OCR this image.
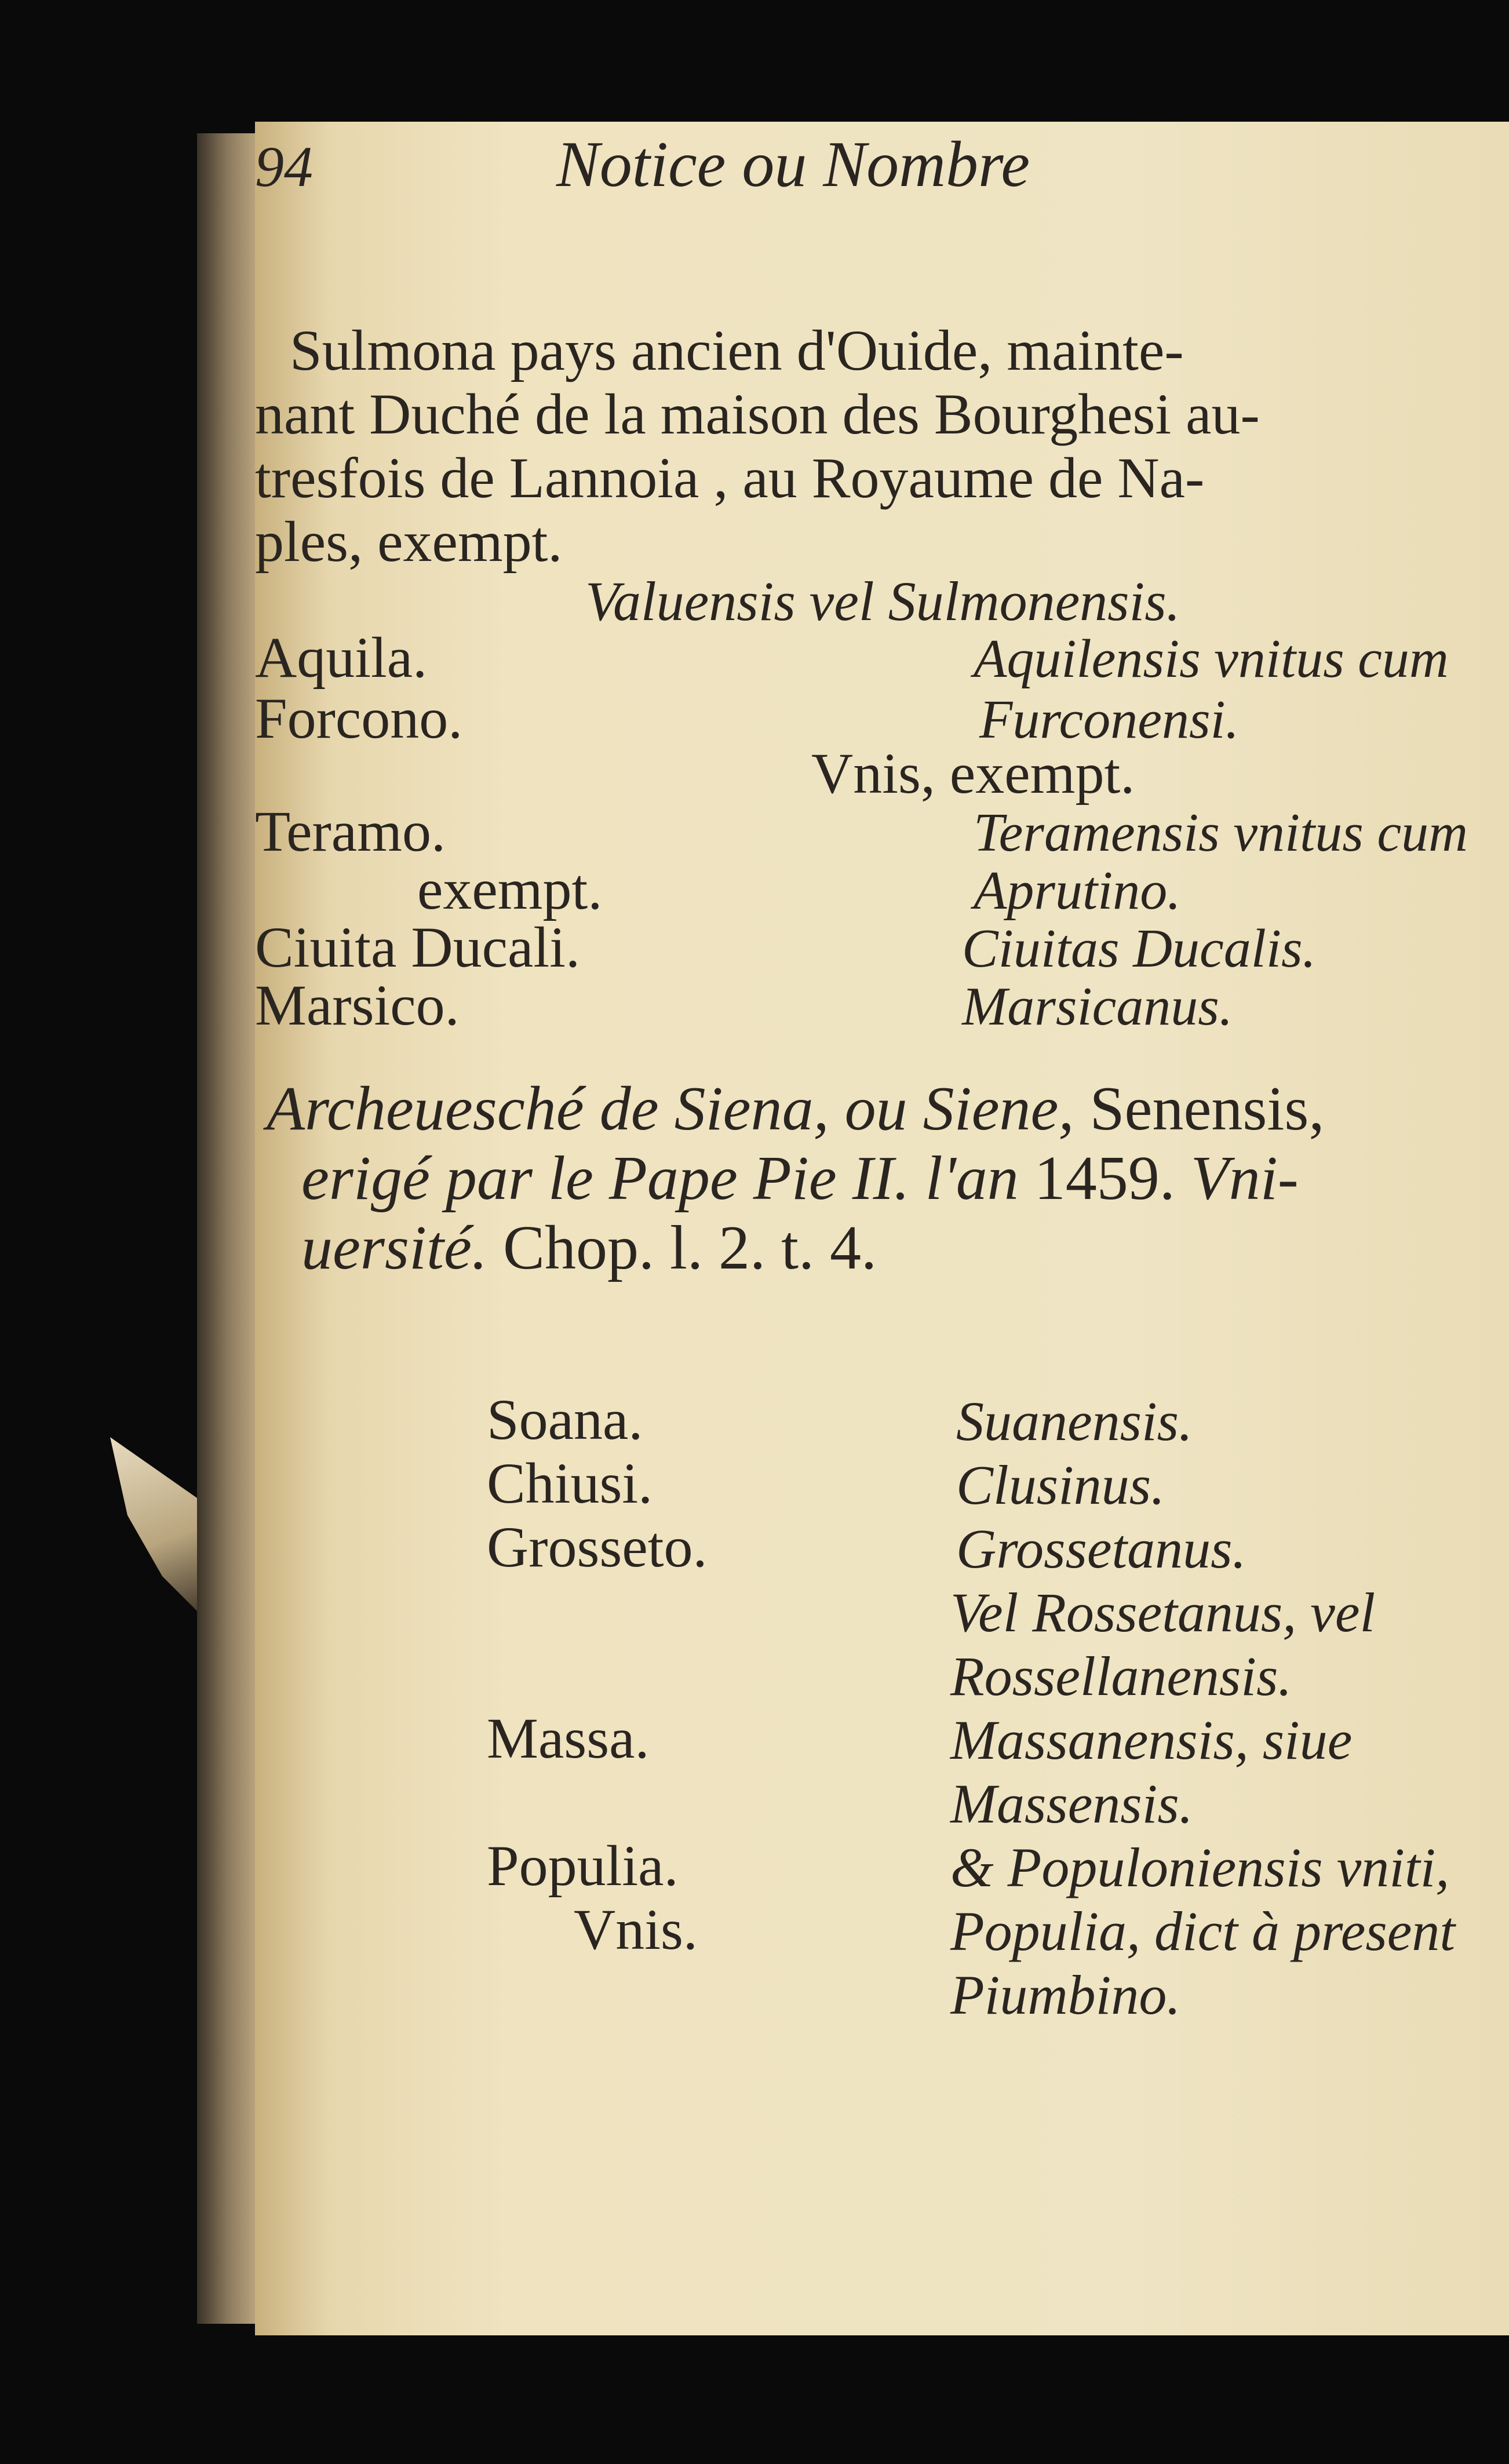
94	Notice ou Nombre
Sulmona pays ancien d'Ouide, mainte-
nant Duché de la maison des Bourghesi au-
tresfois de Lannoia , au Royaume de Na-
ples, exempt.
Valuensis vel Sulmonensis.
Aquila.	Aquilensis vnitus cum
Forcono.	Furconensi.
Vnis, exempt.
Teramo.	Teramensis vnitus cum
exempt.	Aprutino.
Ciuita Ducali.	Ciuitas Ducalis.
Marsico.	Marsicanus.
Archeuesché de Siena, ou Siene, Senensis,
erigé par le Pape Pie II. l'an 1459. Vni-
uersité. Chop. l. 2. t. 4.
Soana.	Suanensis.
Chiusi.	Clusinus.
Grosseto.	Grossetanus.
Vel Rossetanus, vel
Rossellanensis.
Massa.	Massanensis, siue
Massensis.
Populia.	& Populoniensis vniti,
Vnis.	Populia, dict à present
Piumbino.
